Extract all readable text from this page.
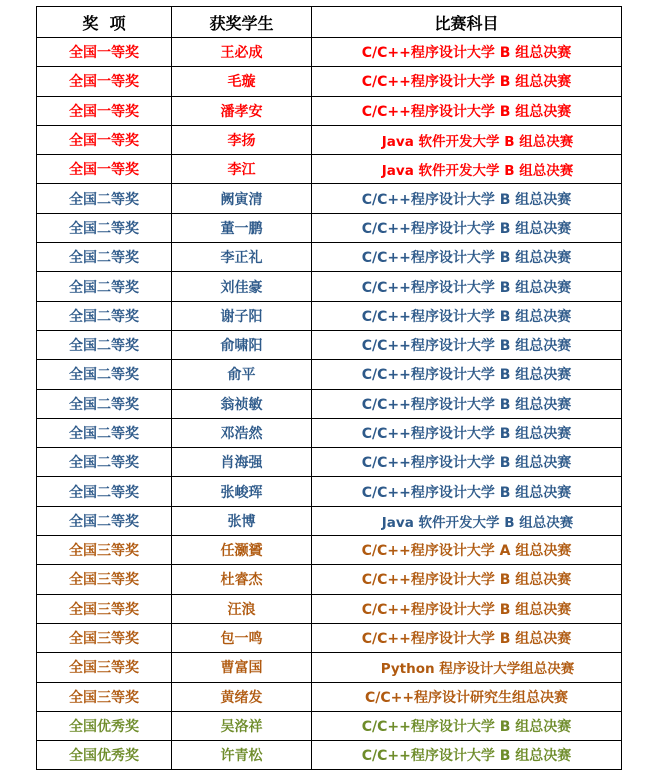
奖  项	获奖学生	比赛科目
全国一等奖	王必成	C/C++程序设计大学 B 组总决赛
全国一等奖	毛璇	C/C++程序设计大学 B 组总决赛
全国一等奖	潘孝安	C/C++程序设计大学 B 组总决赛
全国一等奖	李扬	Java 软件开发大学 B 组总决赛
全国一等奖	李江	Java 软件开发大学 B 组总决赛
全国二等奖	阙寅清	C/C++程序设计大学 B 组总决赛
全国二等奖	董一鹏	C/C++程序设计大学 B 组总决赛
全国二等奖	李正礼	C/C++程序设计大学 B 组总决赛
全国二等奖	刘佳豪	C/C++程序设计大学 B 组总决赛
全国二等奖	谢子阳	C/C++程序设计大学 B 组总决赛
全国二等奖	俞啸阳	C/C++程序设计大学 B 组总决赛
全国二等奖	俞平	C/C++程序设计大学 B 组总决赛
全国二等奖	翁祯敏	C/C++程序设计大学 B 组总决赛
全国二等奖	邓浩然	C/C++程序设计大学 B 组总决赛
全国二等奖	肖海强	C/C++程序设计大学 B 组总决赛
全国二等奖	张峻珲	C/C++程序设计大学 B 组总决赛
全国二等奖	张博	Java 软件开发大学 B 组总决赛
全国三等奖	任灏贇	C/C++程序设计大学 A 组总决赛
全国三等奖	杜睿杰	C/C++程序设计大学 B 组总决赛
全国三等奖	汪浪	C/C++程序设计大学 B 组总决赛
全国三等奖	包一鸣	C/C++程序设计大学 B 组总决赛
全国三等奖	曹富国	Python 程序设计大学组总决赛
全国三等奖	黄绪发	C/C++程序设计研究生组总决赛
全国优秀奖	吴洛祥	C/C++程序设计大学 B 组总决赛
全国优秀奖	许青松	C/C++程序设计大学 B 组总决赛
